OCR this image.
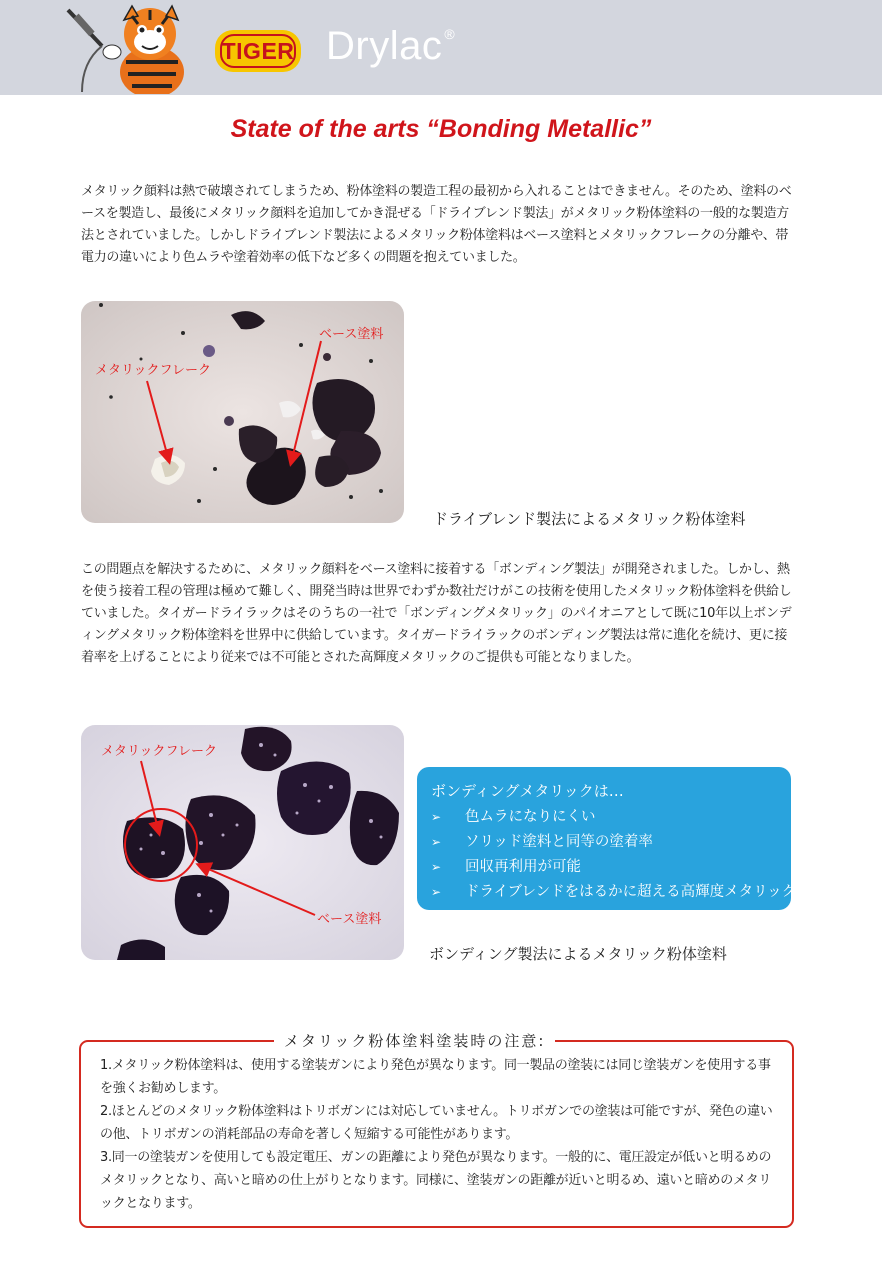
TIGER Drylac ®
State of the arts “Bonding Metallic”
メタリック顔料は熱で破壊されてしまうため、粉体塗料の製造工程の最初から入れることはできません。そのため、塗料のベースを製造し、最後にメタリック顔料を追加してかき混ぜる「ドライブレンド製法」がメタリック粉体塗料の一般的な製造方法とされていました。しかしドライブレンド製法によるメタリック粉体塗料はベース塗料とメタリックフレークの分離や、帯電力の違いにより色ムラや塗着効率の低下など多くの問題を抱えていました。
ベース塗料
メタリックフレーク
ドライブレンド製法によるメタリック粉体塗料
この問題点を解決するために、メタリック顔料をベース塗料に接着する「ボンディング製法」が開発されました。しかし、熱を使う接着工程の管理は極めて難しく、開発当時は世界でわずか数社だけがこの技術を使用したメタリック粉体塗料を供給していました。タイガードライラックはそのうちの一社で「ボンディングメタリック」のパイオニアとして既に10年以上ボンディングメタリック粉体塗料を世界中に供給しています。タイガードライラックのボンディング製法は常に進化を続け、更に接着率を上げることにより従来では不可能とされた高輝度メタリックのご提供も可能となりました。
メタリックフレーク
ベース塗料
ボンディングメタリックは…
➢ 色ムラになりにくい
➢ ソリッド塗料と同等の塗着率
➢ 回収再利用が可能
➢ ドライブレンドをはるかに超える高輝度メタリック
ボンディング製法によるメタリック粉体塗料
メタリック粉体塗料塗装時の注意:
1.メタリック粉体塗料は、使用する塗装ガンにより発色が異なります。同一製品の塗装には同じ塗装ガンを使用する事を強くお勧めします。
2.ほとんどのメタリック粉体塗料はトリボガンには対応していません。トリボガンでの塗装は可能ですが、発色の違いの他、トリボガンの消耗部品の寿命を著しく短縮する可能性があります。
3.同一の塗装ガンを使用しても設定電圧、ガンの距離により発色が異なります。一般的に、電圧設定が低いと明るめのメタリックとなり、高いと暗めの仕上がりとなります。同様に、塗装ガンの距離が近いと明るめ、遠いと暗めのメタリックとなります。
